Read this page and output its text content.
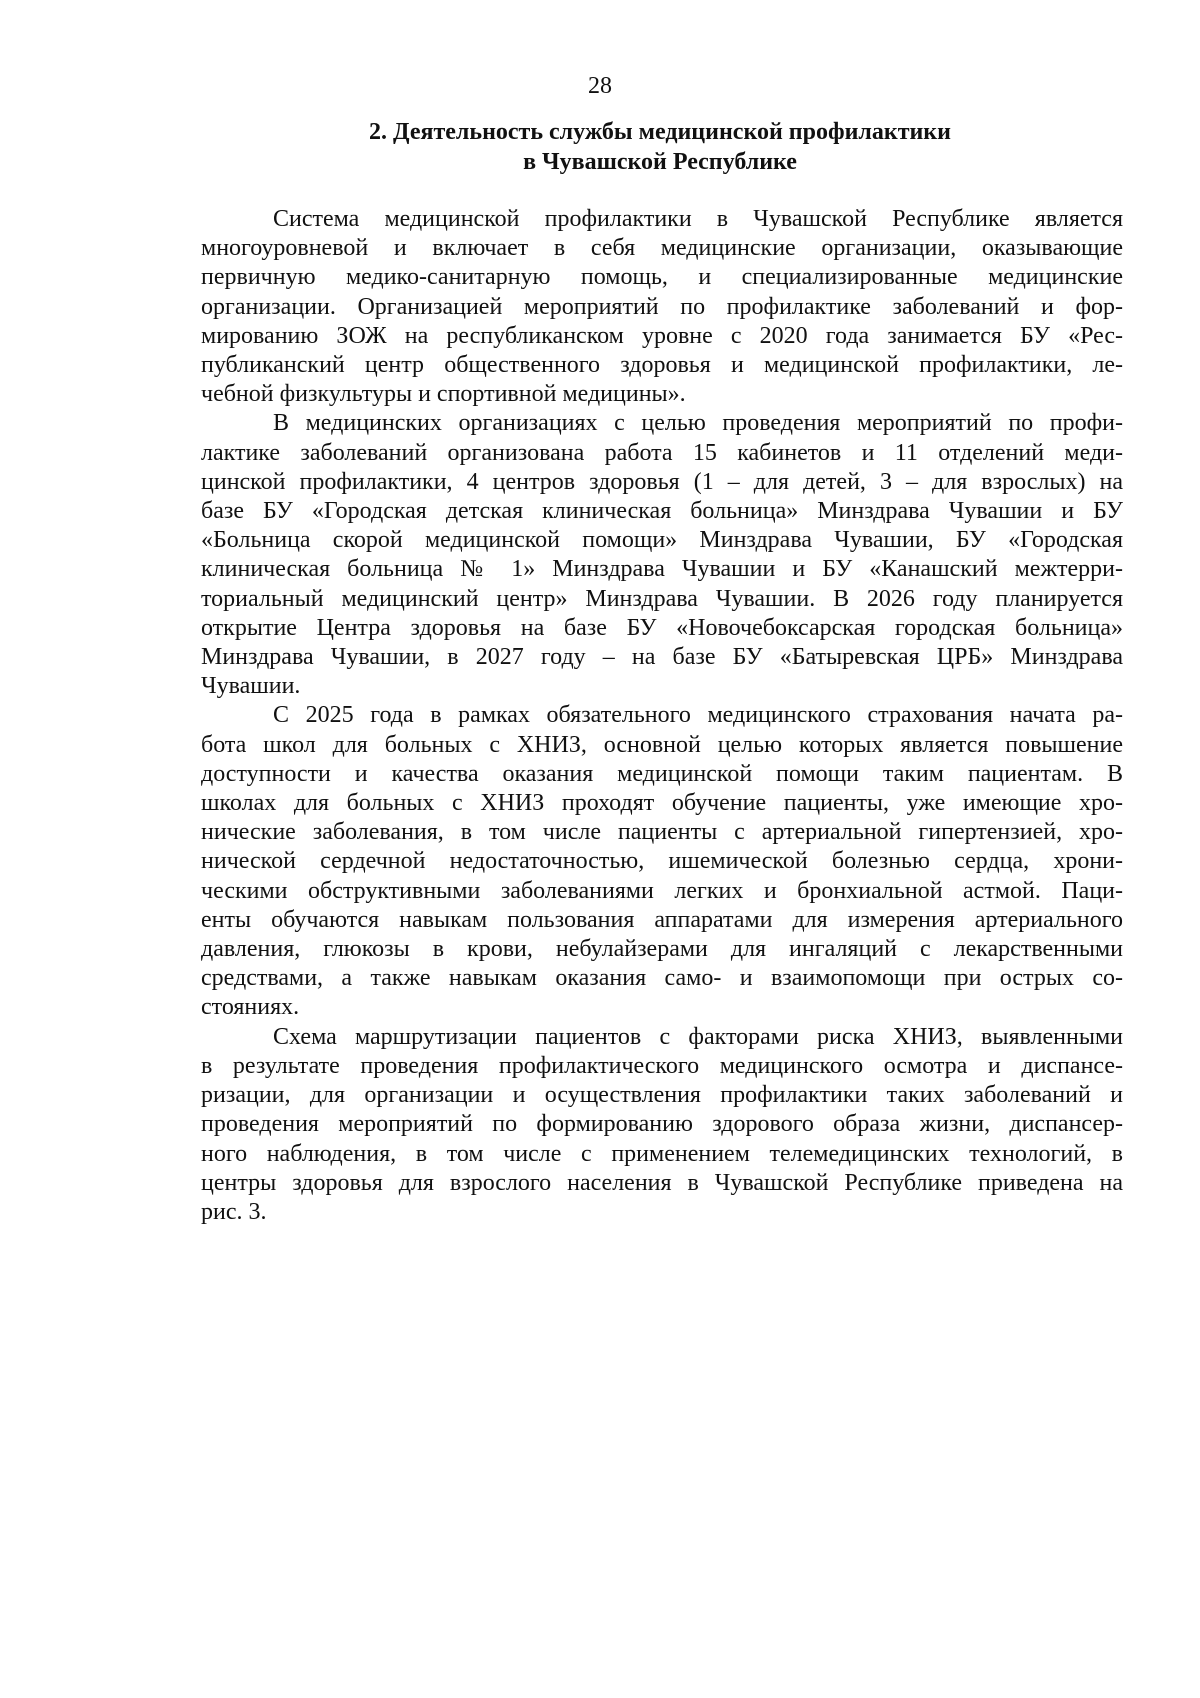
28
2. Деятельность службы медицинской профилактики
в Чувашской Республике
Система медицинской профилактики в Чувашской Республике является
многоуровневой и включает в себя медицинские организации, оказывающие
первичную медико-санитарную помощь, и специализированные медицинские
организации. Организацией мероприятий по профилактике заболеваний и фор-
мированию ЗОЖ на республиканском уровне с 2020 года занимается БУ «Рес-
публиканский центр общественного здоровья и медицинской профилактики, ле-
чебной физкультуры и спортивной медицины».
В медицинских организациях с целью проведения мероприятий по профи-
лактике заболеваний организована работа 15 кабинетов и 11 отделений меди-
цинской профилактики, 4 центров здоровья (1 – для детей, 3 – для взрослых) на
базе БУ «Городская детская клиническая больница» Минздрава Чувашии и БУ
«Больница скорой медицинской помощи» Минздрава Чувашии, БУ «Городская
клиническая больница № 1» Минздрава Чувашии и БУ «Канашский межтерри-
ториальный медицинский центр» Минздрава Чувашии. В 2026 году планируется
открытие Центра здоровья на базе БУ «Новочебоксарская городская больница»
Минздрава Чувашии, в 2027 году – на базе БУ «Батыревская ЦРБ» Минздрава
Чувашии.
С 2025 года в рамках обязательного медицинского страхования начата ра-
бота школ для больных с ХНИЗ, основной целью которых является повышение
доступности и качества оказания медицинской помощи таким пациентам. В
школах для больных с ХНИЗ проходят обучение пациенты, уже имеющие хро-
нические заболевания, в том числе пациенты с артериальной гипертензией, хро-
нической сердечной недостаточностью, ишемической болезнью сердца, хрони-
ческими обструктивными заболеваниями легких и бронхиальной астмой. Паци-
енты обучаются навыкам пользования аппаратами для измерения артериального
давления, глюкозы в крови, небулайзерами для ингаляций с лекарственными
средствами, а также навыкам оказания само- и взаимопомощи при острых со-
стояниях.
Схема маршрутизации пациентов с факторами риска ХНИЗ, выявленными
в результате проведения профилактического медицинского осмотра и диспансе-
ризации, для организации и осуществления профилактики таких заболеваний и
проведения мероприятий по формированию здорового образа жизни, диспансер-
ного наблюдения, в том числе с применением телемедицинских технологий, в
центры здоровья для взрослого населения в Чувашской Республике приведена на
рис. 3.
